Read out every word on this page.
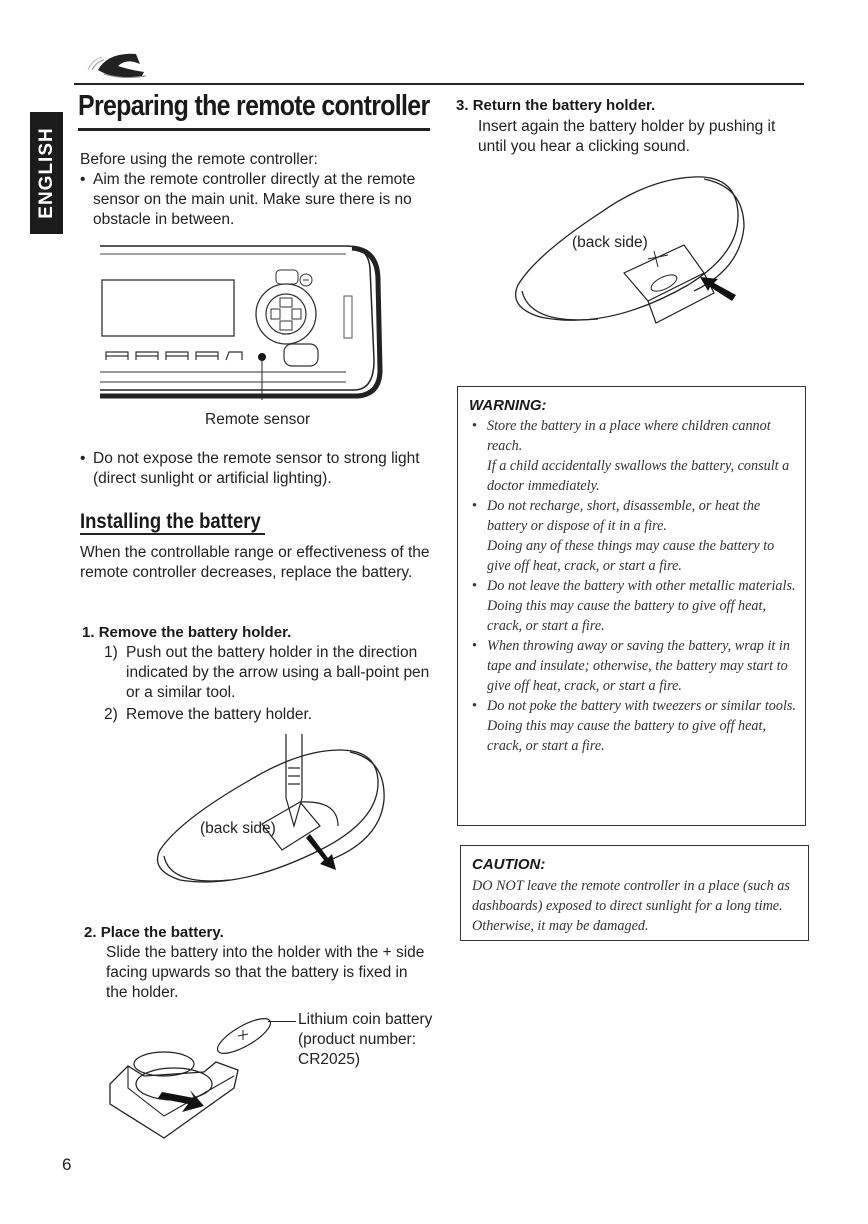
ENGLISH
Preparing the remote controller
Before using the remote controller:
• Aim the remote controller directly at the remote sensor on the main unit. Make sure there is no obstacle in between.
Remote sensor
• Do not expose the remote sensor to strong light (direct sunlight or artificial lighting).
Installing the battery
When the controllable range or effectiveness of the remote controller decreases, replace the battery.
1. Remove the battery holder.
1) Push out the battery holder in the direction indicated by the arrow using a ball-point pen or a similar tool.
2) Remove the battery holder.
(back side)
2. Place the battery.
Slide the battery into the holder with the + side facing upwards so that the battery is fixed in the holder.
Lithium coin battery (product number: CR2025)
6
3. Return the battery holder.
Insert again the battery holder by pushing it until you hear a clicking sound.
(back side)
WARNING:
• Store the battery in a place where children cannot reach.
If a child accidentally swallows the battery, consult a doctor immediately.
• Do not recharge, short, disassemble, or heat the battery or dispose of it in a fire.
Doing any of these things may cause the battery to give off heat, crack, or start a fire.
• Do not leave the battery with other metallic materials.
Doing this may cause the battery to give off heat, crack, or start a fire.
• When throwing away or saving the battery, wrap it in tape and insulate; otherwise, the battery may start to give off heat, crack, or start a fire.
• Do not poke the battery with tweezers or similar tools.
Doing this may cause the battery to give off heat, crack, or start a fire.
CAUTION:
DO NOT leave the remote controller in a place (such as dashboards) exposed to direct sunlight for a long time. Otherwise, it may be damaged.
